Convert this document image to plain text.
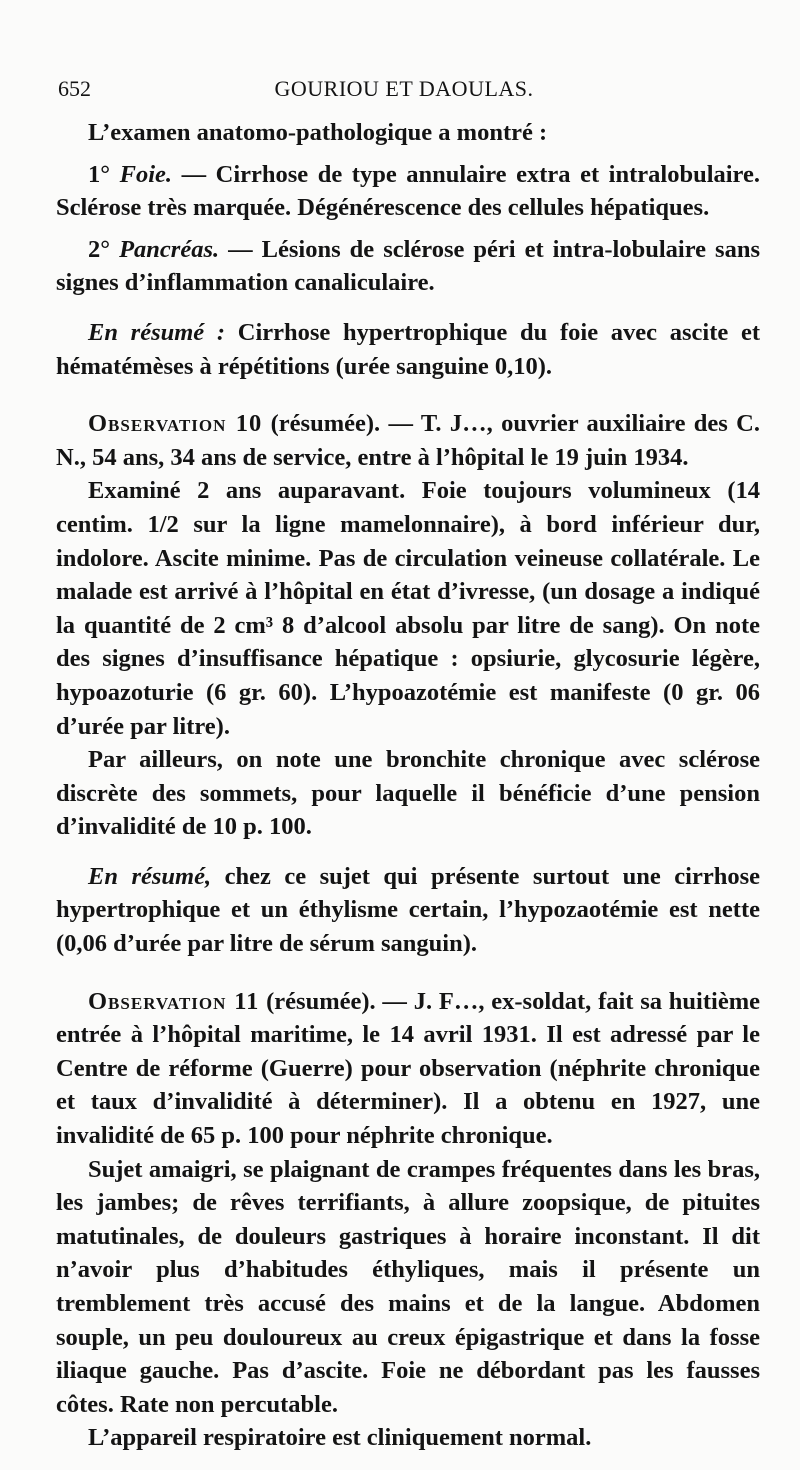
652	GOURIOU ET DAOULAS.

L’examen anatomo-pathologique a montré :

1° Foie. — Cirrhose de type annulaire extra et intralobulaire. Sclérose très marquée. Dégénérescence des cellules hépatiques.

2° Pancréas. — Lésions de sclérose péri et intra-lobulaire sans signes d’inflammation canaliculaire.

En résumé : Cirrhose hypertrophique du foie avec ascite et hématémèses à répétitions (urée sanguine 0,10).

Observation 10 (résumée). — T. J…, ouvrier auxiliaire des C. N., 54 ans, 34 ans de service, entre à l’hôpital le 19 juin 1934.

Examiné 2 ans auparavant. Foie toujours volumineux (14 centim. 1/2 sur la ligne mamelonnaire), à bord inférieur dur, indolore. Ascite minime. Pas de circulation veineuse collatérale. Le malade est arrivé à l’hôpital en état d’ivresse, (un dosage a indiqué la quantité de 2 cm³ 8 d’alcool absolu par litre de sang). On note des signes d’insuffisance hépatique : opsiurie, glycosurie légère, hypoazoturie (6 gr. 60). L’hypoazotémie est manifeste (0 gr. 06 d’urée par litre).

Par ailleurs, on note une bronchite chronique avec sclérose discrète des sommets, pour laquelle il bénéficie d’une pension d’invalidité de 10 p. 100.

En résumé, chez ce sujet qui présente surtout une cirrhose hypertrophique et un éthylisme certain, l’hypozaotémie est nette (0,06 d’urée par litre de sérum sanguin).

Observation 11 (résumée). — J. F…, ex-soldat, fait sa huitième entrée à l’hôpital maritime, le 14 avril 1931. Il est adressé par le Centre de réforme (Guerre) pour observation (néphrite chronique et taux d’invalidité à déterminer). Il a obtenu en 1927, une invalidité de 65 p. 100 pour néphrite chronique.

Sujet amaigri, se plaignant de crampes fréquentes dans les bras, les jambes; de rêves terrifiants, à allure zoopsique, de pituites matutinales, de douleurs gastriques à horaire inconstant. Il dit n’avoir plus d’habitudes éthyliques, mais il présente un tremblement très accusé des mains et de la langue. Abdomen souple, un peu douloureux au creux épigastrique et dans la fosse iliaque gauche. Pas d’ascite. Foie ne débordant pas les fausses côtes. Rate non percutable.

L’appareil respiratoire est cliniquement normal.
